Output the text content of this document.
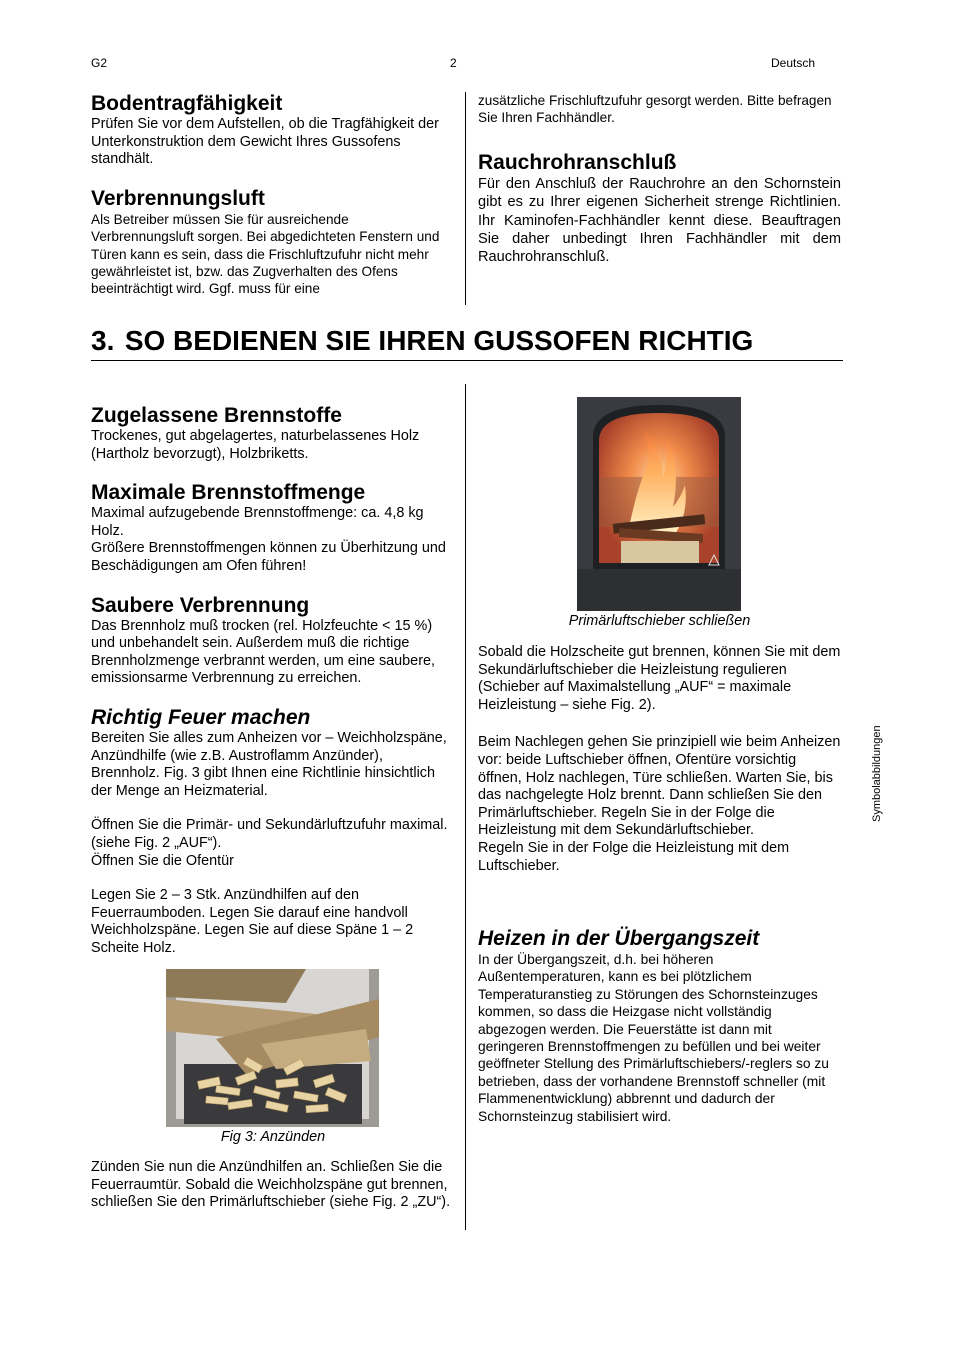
G2	2	Deutsch
Bodentragfähigkeit

Prüfen Sie vor dem Aufstellen, ob die Tragfähigkeit der Unterkonstruktion dem Gewicht Ihres Gussofens standhält.

Verbrennungsluft

Als Betreiber müssen Sie für ausreichende Verbrennungsluft sorgen. Bei abgedichteten Fenstern und Türen kann es sein, dass die Frischluftzufuhr nicht mehr gewährleistet ist, bzw. das Zugverhalten des Ofens beeinträchtigt wird. Ggf. muss für eine

zusätzliche Frischluftzufuhr gesorgt werden. Bitte befragen Sie Ihren Fachhändler.

Rauchrohranschluß

Für den Anschluß der Rauchrohre an den Schornstein gibt es zu Ihrer eigenen Sicherheit strenge Richtlinien. Ihr Kaminofen-Fachhändler kennt diese. Beauftragen Sie daher unbedingt Ihren Fachhändler mit dem Rauchrohranschluß.

3. SO BEDIENEN SIE IHREN GUSSOFEN RICHTIG
Zugelassene Brennstoffe

Trockenes, gut abgelagertes, naturbelassenes Holz (Hartholz bevorzugt), Holzbriketts.

Maximale Brennstoffmenge

Maximal aufzugebende Brennstoffmenge: ca. 4,8 kg Holz.

Größere Brennstoffmengen können zu Überhitzung und Beschädigungen am Ofen führen!

Saubere Verbrennung

Das Brennholz muß trocken (rel. Holzfeuchte < 15 %) und unbehandelt sein. Außerdem muß die richtige Brennholzmenge verbrannt werden, um eine saubere, emissionsarme Verbrennung zu erreichen.

Richtig Feuer machen

Bereiten Sie alles zum Anheizen vor – Weichholzspäne, Anzündhilfe (wie z.B. Austroflamm Anzünder), Brennholz. Fig. 3 gibt Ihnen eine Richtlinie hinsichtlich der Menge an Heizmaterial.

Öffnen Sie die Primär- und Sekundärluftzufuhr maximal. (siehe Fig. 2 „AUF“).

Öffnen Sie die Ofentür

Legen Sie 2 – 3 Stk. Anzündhilfen auf den Feuerraumboden. Legen Sie darauf eine handvoll Weichholzspäne. Legen Sie auf diese Späne 1 – 2 Scheite Holz.

Fig 3: Anzünden

Zünden Sie nun die Anzündhilfen an. Schließen Sie die Feuerraumtür. Sobald die Weichholzspäne gut brennen, schließen Sie den Primärluftschieber (siehe Fig. 2 „ZU“).

Primärluftschieber schließen

Sobald die Holzscheite gut brennen, können Sie mit dem Sekundärluftschieber die Heizleistung regulieren (Schieber auf Maximalstellung „AUF“ = maximale Heizleistung – siehe Fig. 2).

Beim Nachlegen gehen Sie prinzipiell wie beim Anheizen vor: beide Luftschieber öffnen, Ofentüre vorsichtig öffnen, Holz nachlegen, Türe schließen. Warten Sie, bis das nachgelegte Holz brennt. Dann schließen Sie den Primärluftschieber. Regeln Sie in der Folge die Heizleistung mit dem Sekundärluftschieber.

Regeln Sie in der Folge die Heizleistung mit dem Luftschieber.

Heizen in der Übergangszeit

In der Übergangszeit, d.h. bei höheren Außentemperaturen, kann es bei plötzlichem Temperaturanstieg zu Störungen des Schornsteinzuges kommen, so dass die Heizgase nicht vollständig abgezogen werden. Die Feuerstätte ist dann mit geringeren Brennstoffmengen zu befüllen und bei weiter geöffneter Stellung des Primärluftschiebers/-reglers so zu betrieben, dass der vorhandene Brennstoff schneller (mit Flammenentwicklung) abbrennt und dadurch der Schornsteinzug stabilisiert wird.

Symbolabbildungen
